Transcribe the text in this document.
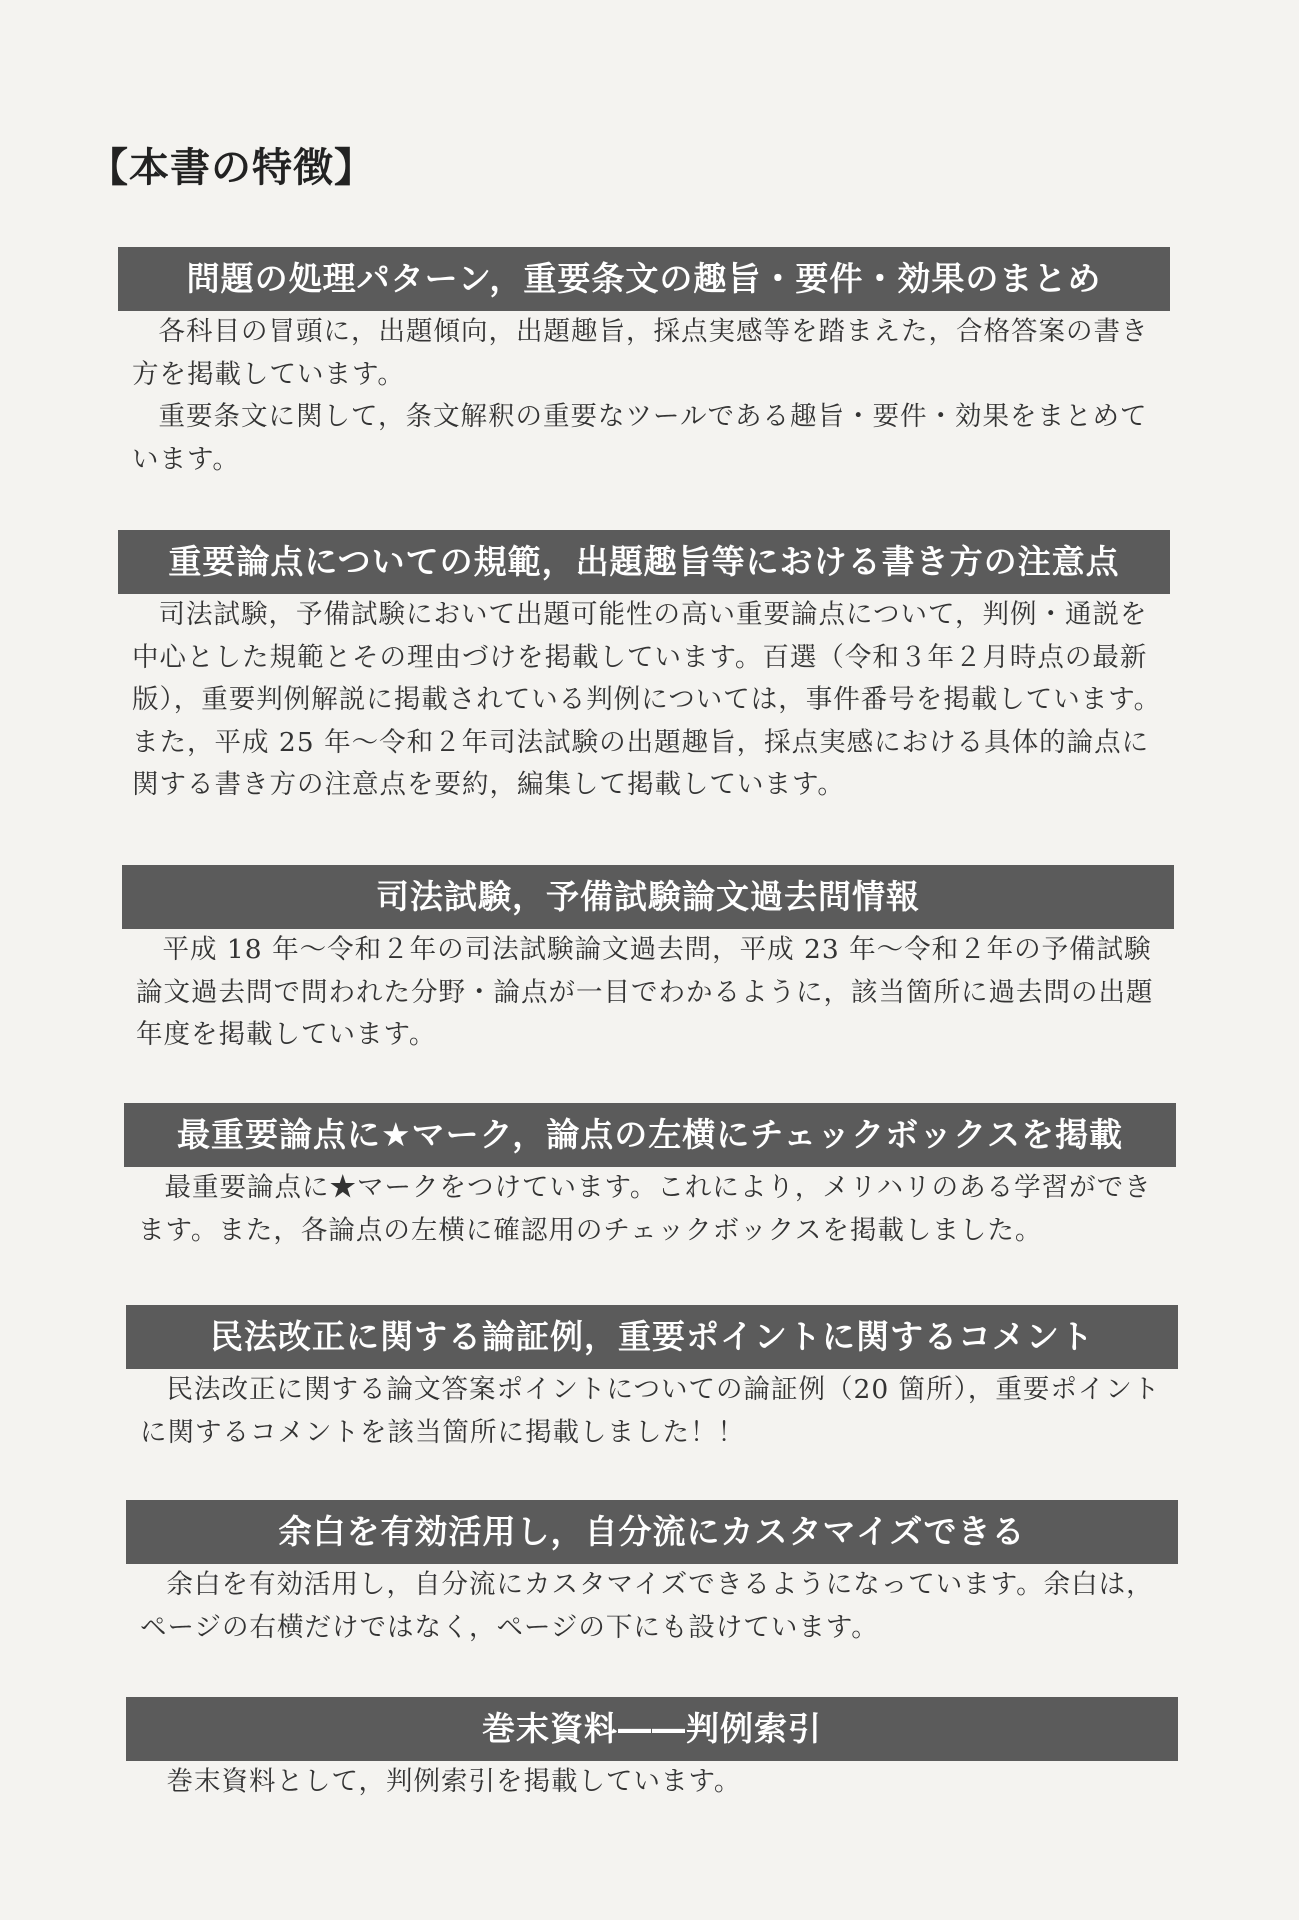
【本書の特徴】
問題の処理パターン，重要条文の趣旨・要件・効果のまとめ

各科目の冒頭に，出題傾向，出題趣旨，採点実感等を踏まえた，合格答案の書き方を掲載しています。

重要条文に関して，条文解釈の重要なツールである趣旨・要件・効果をまとめています。

重要論点についての規範，出題趣旨等における書き方の注意点

司法試験，予備試験において出題可能性の高い重要論点について，判例・通説を中心とした規範とその理由づけを掲載しています。百選（令和３年２月時点の最新版），重要判例解説に掲載されている判例については，事件番号を掲載しています。また，平成 25 年～令和２年司法試験の出題趣旨，採点実感における具体的論点に関する書き方の注意点を要約，編集して掲載しています。

司法試験，予備試験論文過去問情報

平成 18 年～令和２年の司法試験論文過去問，平成 23 年～令和２年の予備試験論文過去問で問われた分野・論点が一目でわかるように，該当箇所に過去問の出題年度を掲載しています。

最重要論点に★マーク，論点の左横にチェックボックスを掲載

最重要論点に★マークをつけています。これにより，メリハリのある学習ができます。また，各論点の左横に確認用のチェックボックスを掲載しました。

民法改正に関する論証例，重要ポイントに関するコメント

民法改正に関する論文答案ポイントについての論証例（20 箇所），重要ポイントに関するコメントを該当箇所に掲載しました！！

余白を有効活用し，自分流にカスタマイズできる

余白を有効活用し，自分流にカスタマイズできるようになっています。余白は，ページの右横だけではなく，ページの下にも設けています。

巻末資料――判例索引

巻末資料として，判例索引を掲載しています。
